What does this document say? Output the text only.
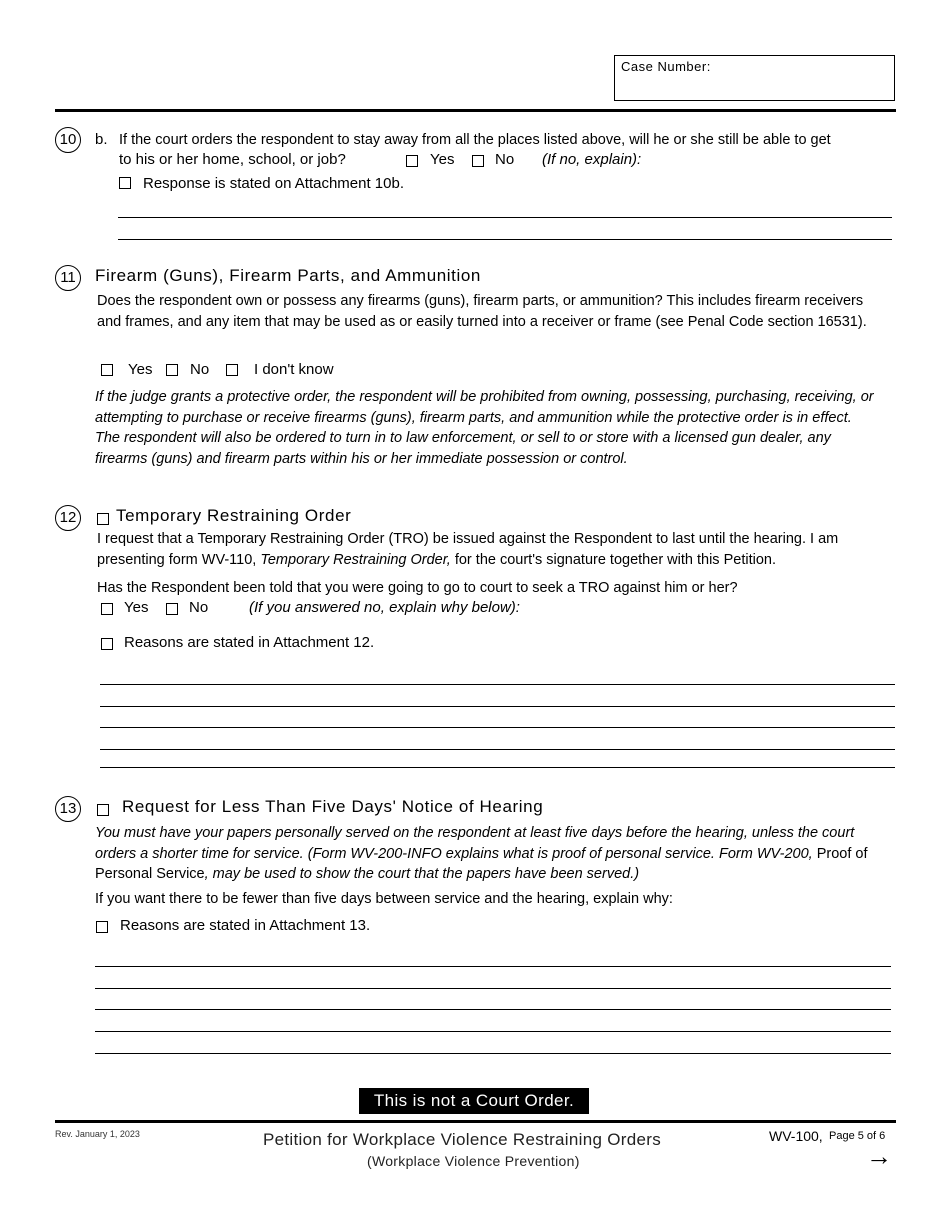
Case Number:
10	b. If the court orders the respondent to stay away from all the places listed above, will he or she still be able to get
to his or her home, school, or job?	Yes	No (If no, explain):
Response is stated on Attachment 10b.
11	Firearm (Guns), Firearm Parts, and Ammunition
Does the respondent own or possess any firearms (guns), firearm parts, or ammunition? This includes firearm receivers and frames, and any item that may be used as or easily turned into a receiver or frame (see Penal Code section 16531).
Yes	No	I don't know
If the judge grants a protective order, the respondent will be prohibited from owning, possessing, purchasing, receiving, or attempting to purchase or receive firearms (guns), firearm parts, and ammunition while the protective order is in effect. The respondent will also be ordered to turn in to law enforcement, or sell to or store with a licensed gun dealer, any firearms (guns) and firearm parts within his or her immediate possession or control.
12 Temporary Restraining Order
I request that a Temporary Restraining Order (TRO) be issued against the Respondent to last until the hearing. I am presenting form WV-110, Temporary Restraining Order, for the court's signature together with this Petition.
Has the Respondent been told that you were going to go to court to seek a TRO against him or her?
Yes	No	(If you answered no, explain why below):
Reasons are stated in Attachment 12.
13	Request for Less Than Five Days' Notice of Hearing
You must have your papers personally served on the respondent at least five days before the hearing, unless the court orders a shorter time for service. (Form WV-200-INFO explains what is proof of personal service. Form WV-200, Proof of Personal Service, may be used to show the court that the papers have been served.)
If you want there to be fewer than five days between service and the hearing, explain why:
Reasons are stated in Attachment 13.
This is not a Court Order.
Rev. January 1, 2023	Petition for Workplace Violence Restraining Orders
(Workplace Violence Prevention)
WV-100, Page 5 of 6
→
